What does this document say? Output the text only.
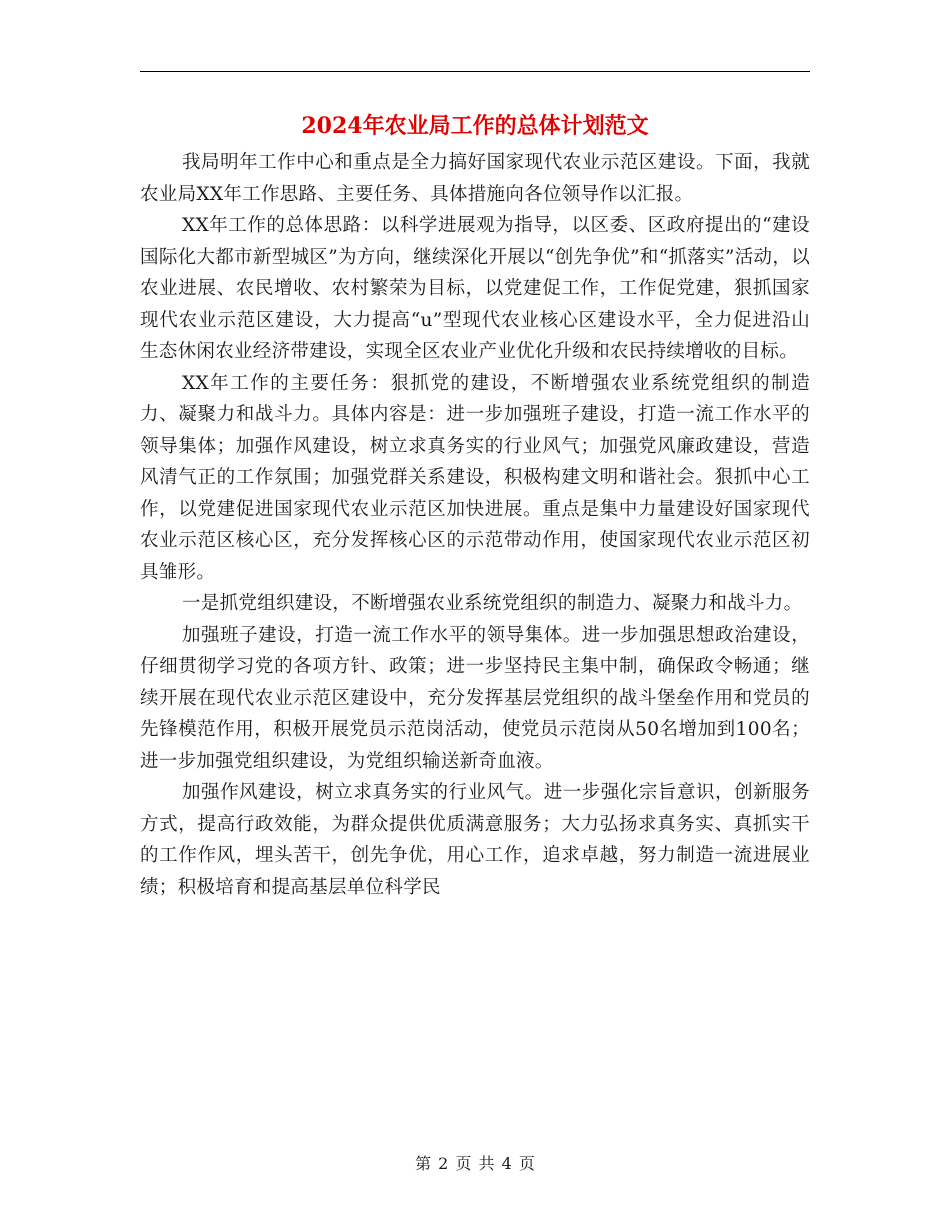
2024年农业局工作的总体计划范文

我局明年工作中心和重点是全力搞好国家现代农业示范区建设。下面，我就农业局XX年工作思路、主要任务、具体措施向各位领导作以汇报。

XX年工作的总体思路：以科学进展观为指导，以区委、区政府提出的“建设国际化大都市新型城区”为方向，继续深化开展以“创先争优”和“抓落实”活动，以农业进展、农民增收、农村繁荣为目标，以党建促工作，工作促党建，狠抓国家现代农业示范区建设，大力提高“u”型现代农业核心区建设水平，全力促进沿山生态休闲农业经济带建设，实现全区农业产业优化升级和农民持续增收的目标。

XX年工作的主要任务：狠抓党的建设，不断增强农业系统党组织的制造力、凝聚力和战斗力。具体内容是：进一步加强班子建设，打造一流工作水平的领导集体；加强作风建设，树立求真务实的行业风气；加强党风廉政建设，营造风清气正的工作氛围；加强党群关系建设，积极构建文明和谐社会。狠抓中心工作，以党建促进国家现代农业示范区加快进展。重点是集中力量建设好国家现代农业示范区核心区，充分发挥核心区的示范带动作用，使国家现代农业示范区初具雏形。

一是抓党组织建设，不断增强农业系统党组织的制造力、凝聚力和战斗力。

加强班子建设，打造一流工作水平的领导集体。进一步加强思想政治建设，仔细贯彻学习党的各项方针、政策；进一步坚持民主集中制，确保政令畅通；继续开展在现代农业示范区建设中，充分发挥基层党组织的战斗堡垒作用和党员的先锋模范作用，积极开展党员示范岗活动，使党员示范岗从50名增加到100名；进一步加强党组织建设，为党组织输送新奇血液。

加强作风建设，树立求真务实的行业风气。进一步强化宗旨意识，创新服务方式，提高行政效能，为群众提供优质满意服务；大力弘扬求真务实、真抓实干的工作作风，埋头苦干，创先争优，用心工作，追求卓越，努力制造一流进展业绩；积极培育和提高基层单位科学民

第 2 页 共 4 页
